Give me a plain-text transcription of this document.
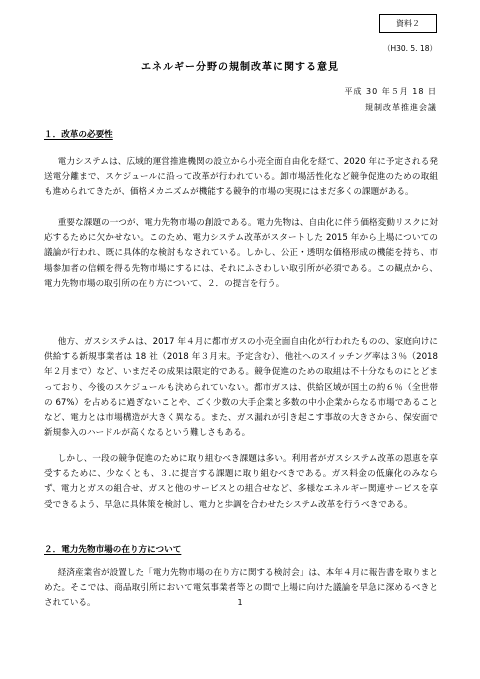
資料２
（H30. 5. 18）
エネルギー分野の規制改革に関する意見
平成 30 年５月 18 日
規制改革推進会議
１．改革の必要性
電力システムは、広域的運営推進機関の設立から小売全面自由化を経て、2020 年に予定される発送電分離まで、スケジュールに沿って改革が行われている。卸市場活性化など競争促進のための取組も進められてきたが、価格メカニズムが機能する競争的市場の実現にはまだ多くの課題がある。
重要な課題の一つが、電力先物市場の創設である。電力先物は、自由化に伴う価格変動リスクに対応するために欠かせない。このため、電力システム改革がスタートした 2015 年から上場についての議論が行われ、既に具体的な検討もなされている。しかし、公正・透明な価格形成の機能を持ち、市場参加者の信頼を得る先物市場にするには、それにふさわしい取引所が必須である。この観点から、電力先物市場の取引所の在り方について、２．の提言を行う。
他方、ガスシステムは、2017 年４月に都市ガスの小売全面自由化が行われたものの、家庭向けに供給する新規事業者は 18 社（2018 年３月末。予定含む）、他社へのスイッチング率は３％（2018 年２月まで）など、いまだその成果は限定的である。競争促進のための取組は不十分なものにとどまっており、今後のスケジュールも決められていない。都市ガスは、供給区域が国土の約６％（全世帯の 67%）を占めるに過ぎないことや、ごく少数の大手企業と多数の中小企業からなる市場であることなど、電力とは市場構造が大きく異なる。また、ガス漏れが引き起こす事故の大きさから、保安面で新規参入のハードルが高くなるという難しさもある。
しかし、一段の競争促進のために取り組むべき課題は多い。利用者がガスシステム改革の恩恵を享受するために、少なくとも、３.に提言する課題に取り組むべきである。ガス料金の低廉化のみならず、電力とガスの組合せ、ガスと他のサービスとの組合せなど、多様なエネルギー関連サービスを享受できるよう、早急に具体策を検討し、電力と歩調を合わせたシステム改革を行うべきである。
２．電力先物市場の在り方について
経済産業省が設置した「電力先物市場の在り方に関する検討会」は、本年４月に報告書を取りまとめた。そこでは、商品取引所において電気事業者等との間で上場に向けた議論を早急に深めるべきとされている。	1
